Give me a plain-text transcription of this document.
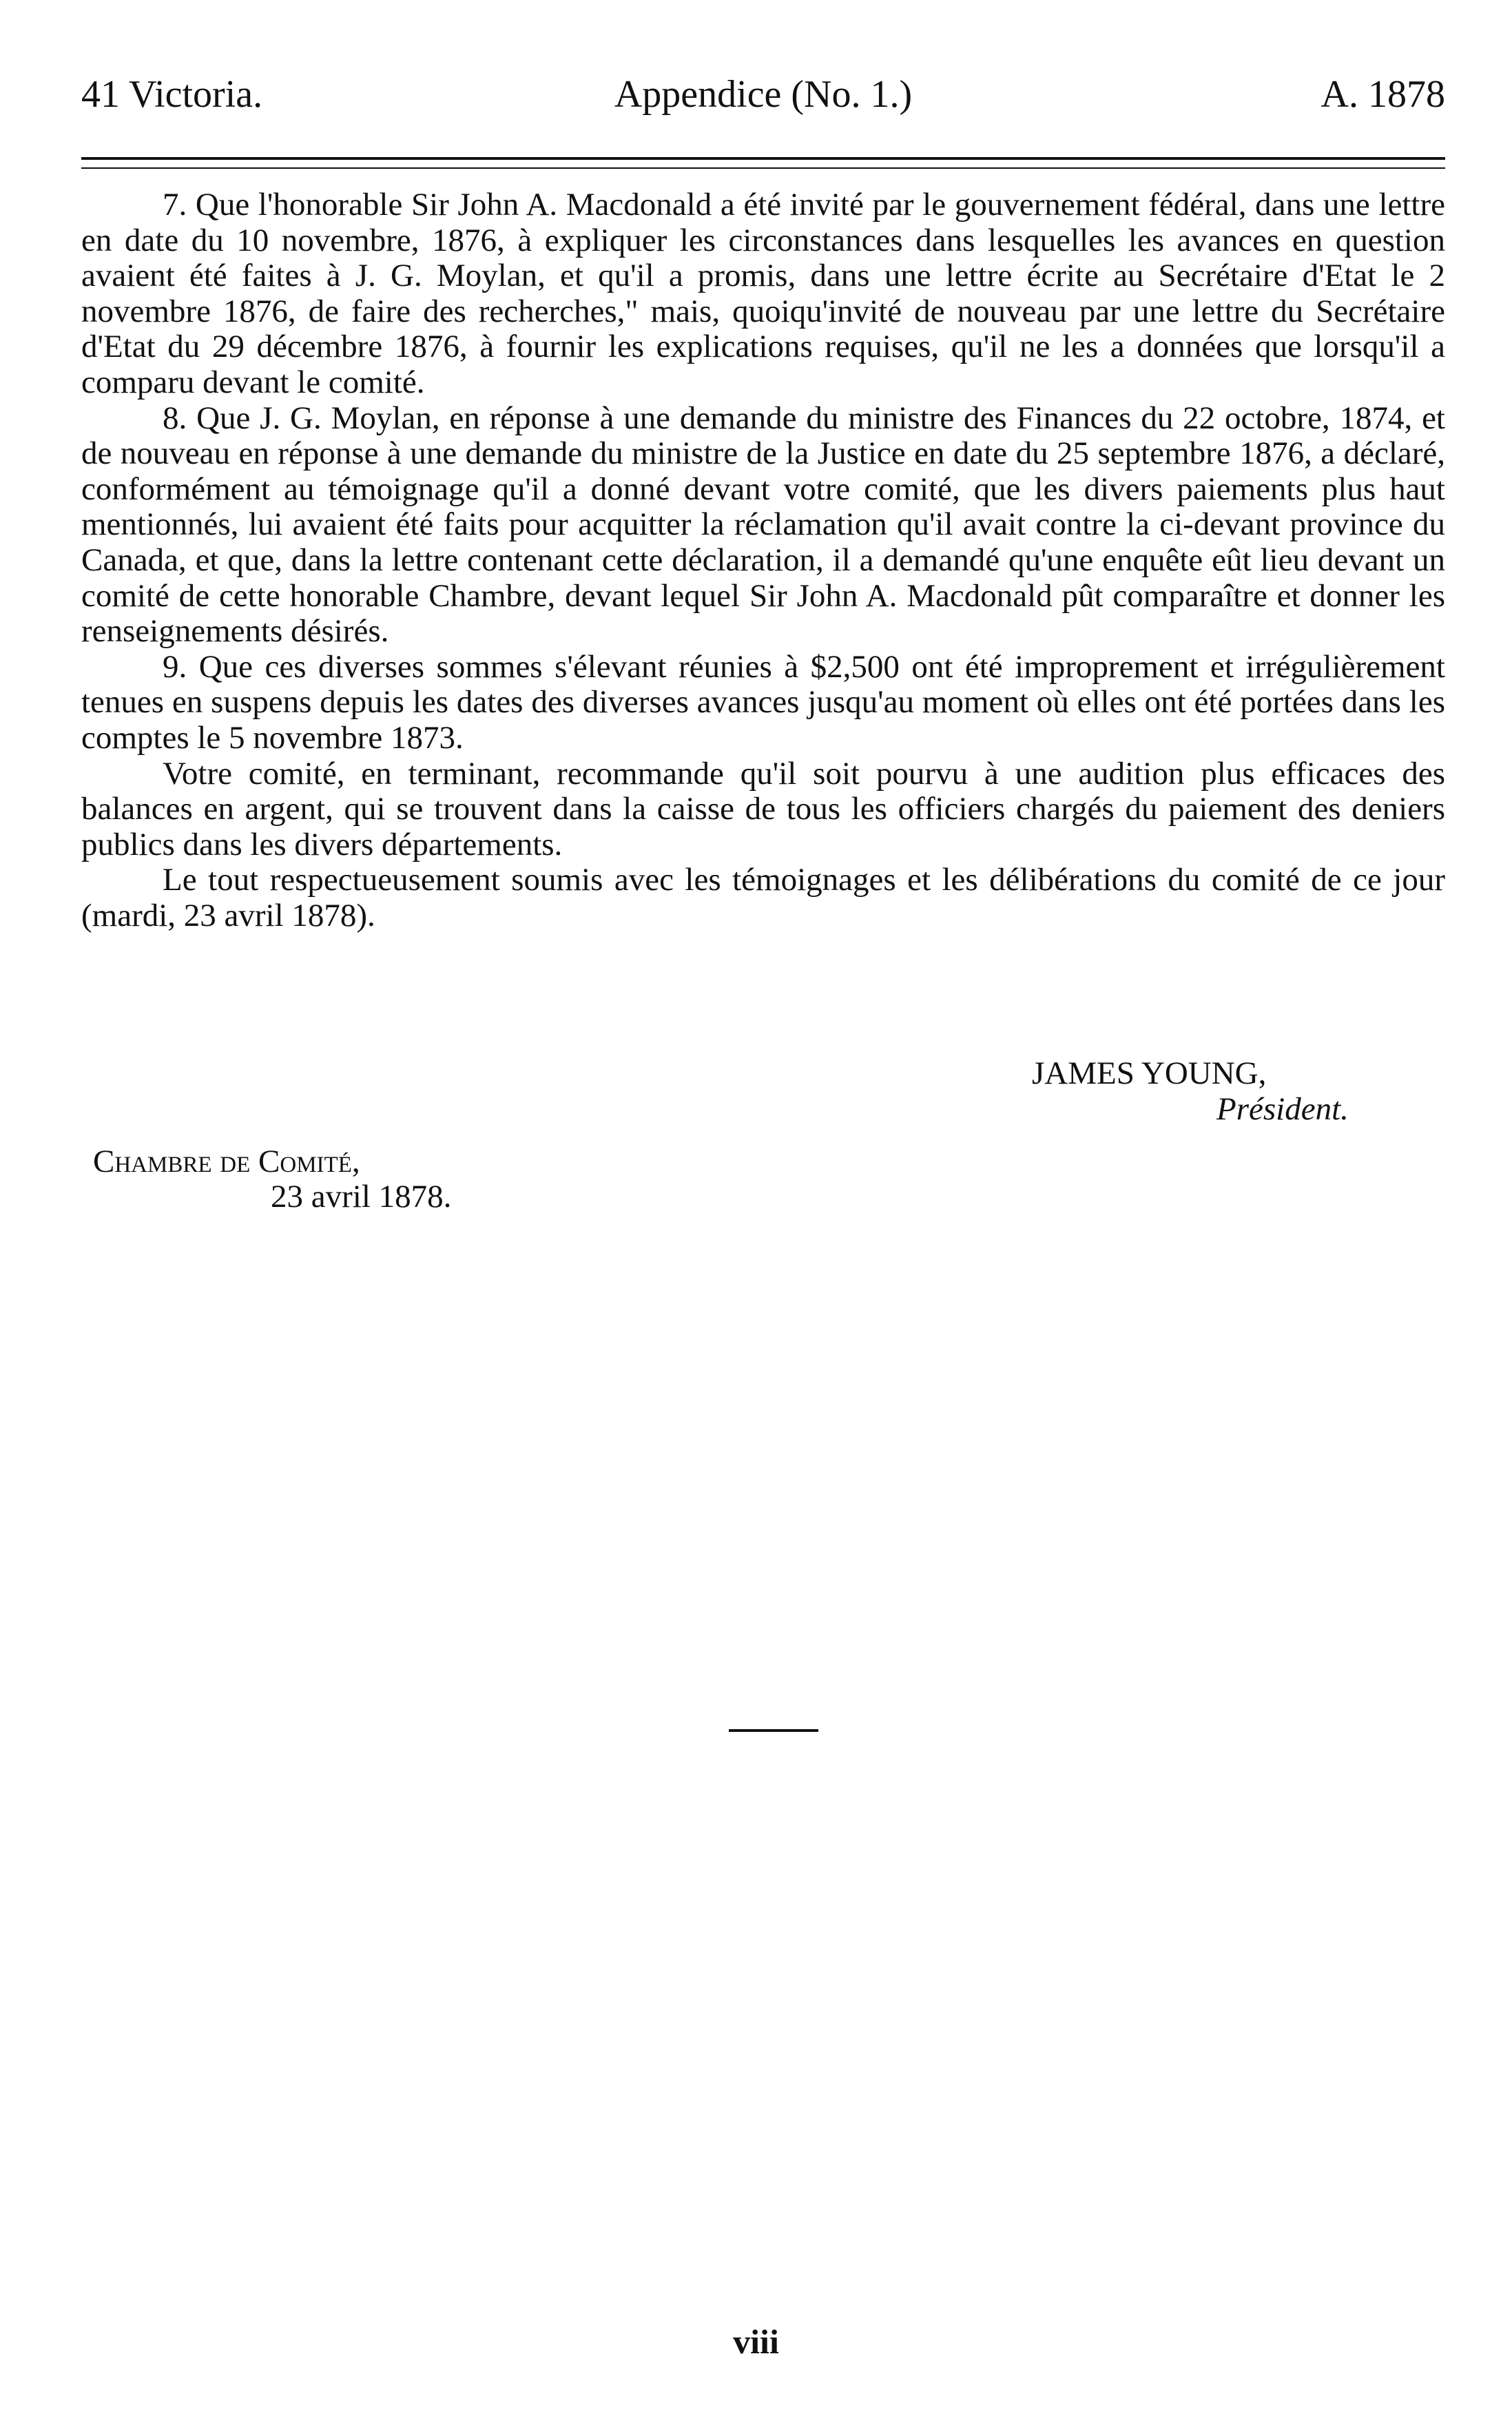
41 Victoria.	Appendice (No. 1.)	A. 1878

7. Que l'honorable Sir John A. Macdonald a été invité par le gouvernement fédéral, dans une lettre en date du 10 novembre, 1876, à expliquer les circonstances dans lesquelles les avances en question avaient été faites à J. G. Moylan, et qu'il a promis, dans une lettre écrite au Secrétaire d'Etat le 2 novembre 1876, de faire des recherches," mais, quoiqu'invité de nouveau par une lettre du Secrétaire d'Etat du 29 décembre 1876, à fournir les explications requises, qu'il ne les a données que lorsqu'il a comparu devant le comité.

8. Que J. G. Moylan, en réponse à une demande du ministre des Finances du 22 octobre, 1874, et de nouveau en réponse à une demande du ministre de la Justice en date du 25 septembre 1876, a déclaré, conformément au témoignage qu'il a donné devant votre comité, que les divers paiements plus haut mentionnés, lui avaient été faits pour acquitter la réclamation qu'il avait contre la ci-devant province du Canada, et que, dans la lettre contenant cette déclaration, il a demandé qu'une enquête eût lieu devant un comité de cette honorable Chambre, devant lequel Sir John A. Macdonald pût comparaître et donner les renseignements désirés.

9. Que ces diverses sommes s'élevant réunies à $2,500 ont été improprement et irrégulièrement tenues en suspens depuis les dates des diverses avances jusqu'au moment où elles ont été portées dans les comptes le 5 novembre 1873.

Votre comité, en terminant, recommande qu'il soit pourvu à une audition plus efficaces des balances en argent, qui se trouvent dans la caisse de tous les officiers chargés du paiement des deniers publics dans les divers départements.

Le tout respectueusement soumis avec les témoignages et les délibérations du comité de ce jour (mardi, 23 avril 1878).

JAMES YOUNG,
Président.
Chambre de Comité,
23 avril 1878.
viii
